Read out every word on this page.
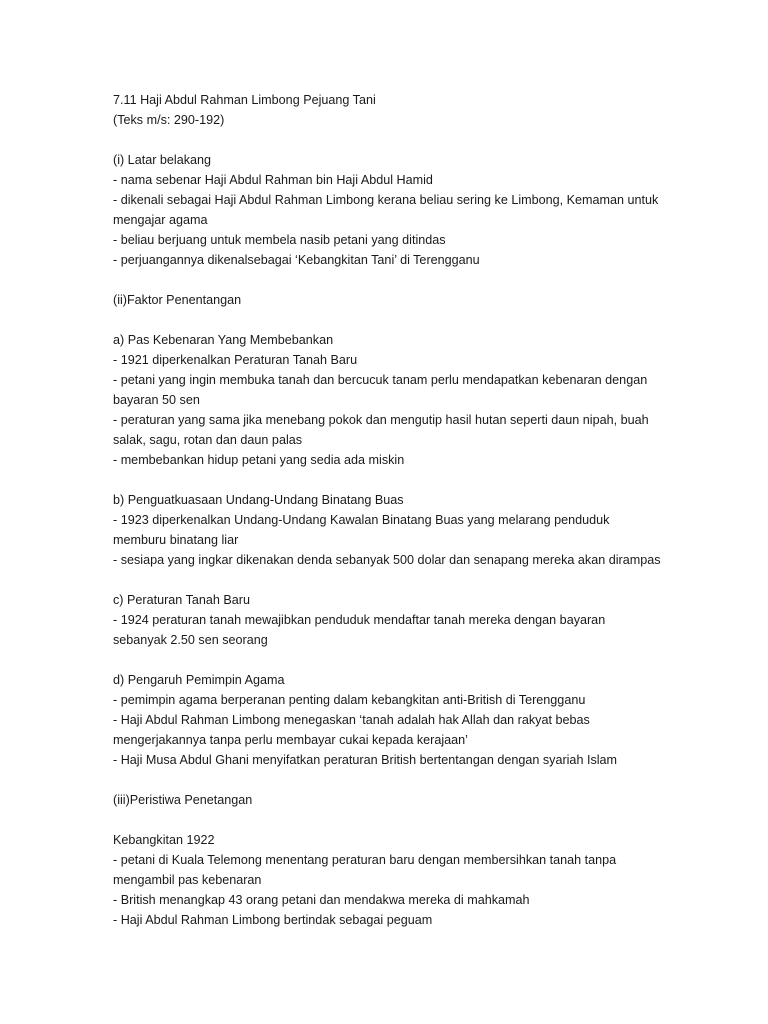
7.11 Haji Abdul Rahman Limbong Pejuang Tani
(Teks m/s: 290-192)
(i) Latar belakang
- nama sebenar Haji Abdul Rahman bin Haji Abdul Hamid
- dikenali sebagai Haji Abdul Rahman Limbong kerana beliau sering ke Limbong, Kemaman untuk
mengajar agama
- beliau berjuang untuk membela nasib petani yang ditindas
- perjuangannya dikenalsebagai ‘Kebangkitan Tani’ di Terengganu
(ii)Faktor Penentangan
a) Pas Kebenaran Yang Membebankan
- 1921 diperkenalkan Peraturan Tanah Baru
- petani yang ingin membuka tanah dan bercucuk tanam perlu mendapatkan kebenaran dengan
bayaran 50 sen
- peraturan yang sama jika menebang pokok dan mengutip hasil hutan seperti daun nipah, buah
salak, sagu, rotan dan daun palas
- membebankan hidup petani yang sedia ada miskin
b) Penguatkuasaan Undang-Undang Binatang Buas
- 1923 diperkenalkan Undang-Undang Kawalan Binatang Buas yang melarang penduduk
memburu binatang liar
- sesiapa yang ingkar dikenakan denda sebanyak 500 dolar dan senapang mereka akan dirampas
c) Peraturan Tanah Baru
- 1924 peraturan tanah mewajibkan penduduk mendaftar tanah mereka dengan bayaran
sebanyak 2.50 sen seorang
d) Pengaruh Pemimpin Agama
- pemimpin agama berperanan penting dalam kebangkitan anti-British di Terengganu
- Haji Abdul Rahman Limbong menegaskan ‘tanah adalah hak Allah dan rakyat bebas
mengerjakannya tanpa perlu membayar cukai kepada kerajaan’
- Haji Musa Abdul Ghani menyifatkan peraturan British bertentangan dengan syariah Islam
(iii)Peristiwa Penetangan
Kebangkitan 1922
- petani di Kuala Telemong menentang peraturan baru dengan membersihkan tanah tanpa
mengambil pas kebenaran
- British menangkap 43 orang petani dan mendakwa mereka di mahkamah
- Haji Abdul Rahman Limbong bertindak sebagai peguam
